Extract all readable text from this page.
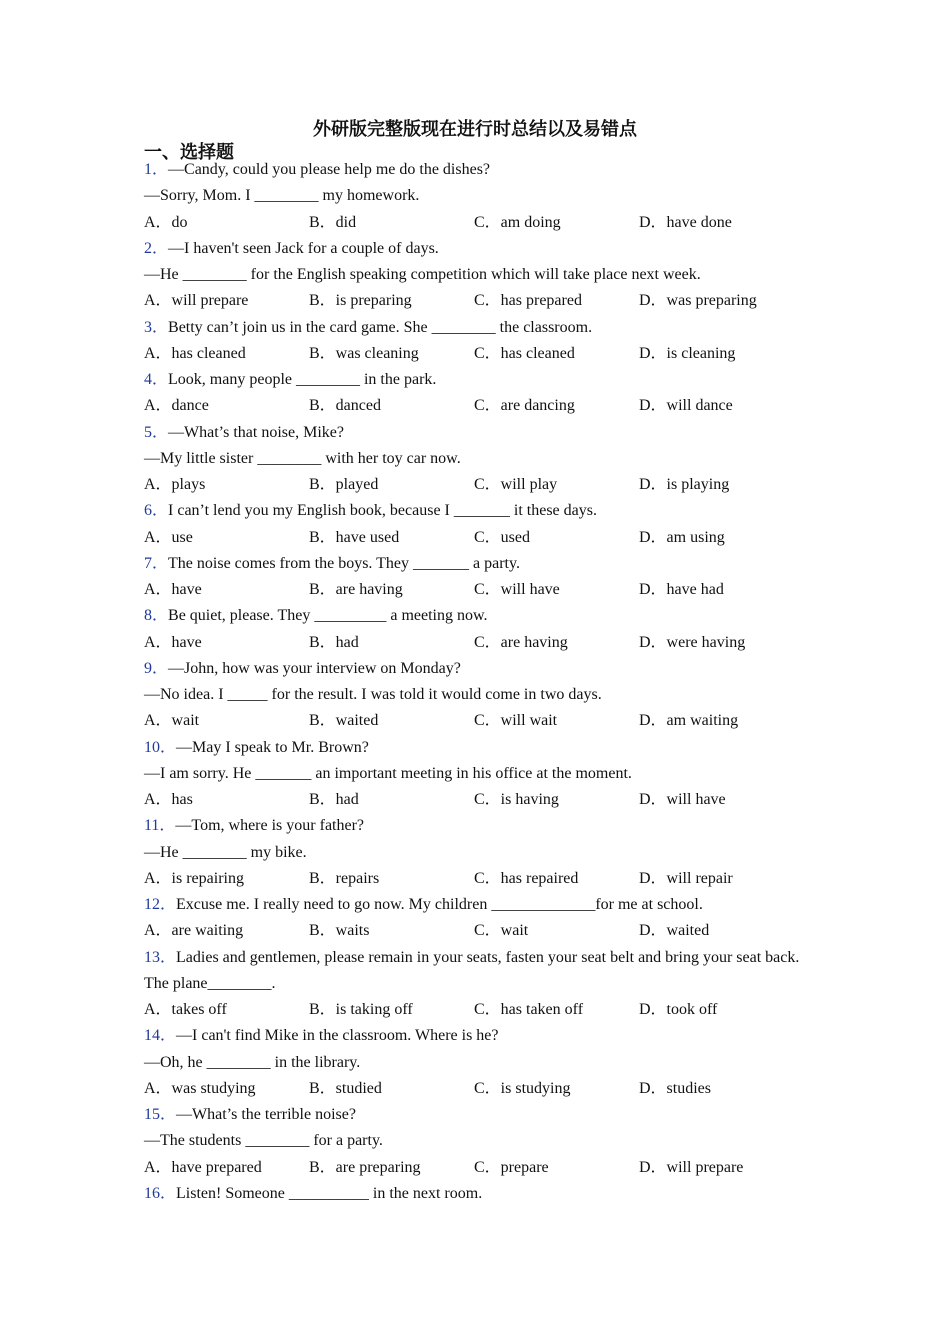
外研版完整版现在进行时总结以及易错点
一、选择题
1．—Candy, could you please help me do the dishes?
—Sorry, Mom. I ________ my homework.
A．do	B．did	C．am doing	D．have done
2．—I haven't seen Jack for a couple of days.
—He ________ for the English speaking competition which will take place next week.
A．will prepare	B．is preparing	C．has prepared	D．was preparing
3．Betty can’t join us in the card game. She ________ the classroom.
A．has cleaned	B．was cleaning	C．has cleaned	D．is cleaning
4．Look, many people ________ in the park.
A．dance	B．danced	C．are dancing	D．will dance
5．—What’s that noise, Mike?
—My little sister ________ with her toy car now.
A．plays	B．played	C．will play	D．is playing
6．I can’t lend you my English book, because I _______ it these days.
A．use	B．have used	C．used	D．am using
7．The noise comes from the boys. They _______ a party.
A．have	B．are having	C．will have	D．have had
8．Be quiet, please. They _________ a meeting now.
A．have	B．had	C．are having	D．were having
9．—John, how was your interview on Monday?
—No idea. I _____ for the result. I was told it would come in two days.
A．wait	B．waited	C．will wait	D．am waiting
10．—May I speak to Mr. Brown?
—I am sorry. He _______ an important meeting in his office at the moment.
A．has	B．had	C．is having	D．will have
11．—Tom, where is your father?
—He ________ my bike.
A．is repairing	B．repairs	C．has repaired	D．will repair
12．Excuse me. I really need to go now. My children _____________for me at school.
A．are waiting	B．waits	C．wait	D．waited
13．Ladies and gentlemen, please remain in your seats, fasten your seat belt and bring your seat back. The plane________.
A．takes off	B．is taking off	C．has taken off	D．took off
14．—I can't find Mike in the classroom. Where is he?
—Oh, he ________ in the library.
A．was studying	B．studied	C．is studying	D．studies
15．—What’s the terrible noise?
—The students ________ for a party.
A．have prepared	B．are preparing	C．prepare	D．will prepare
16．Listen! Someone __________ in the next room.
